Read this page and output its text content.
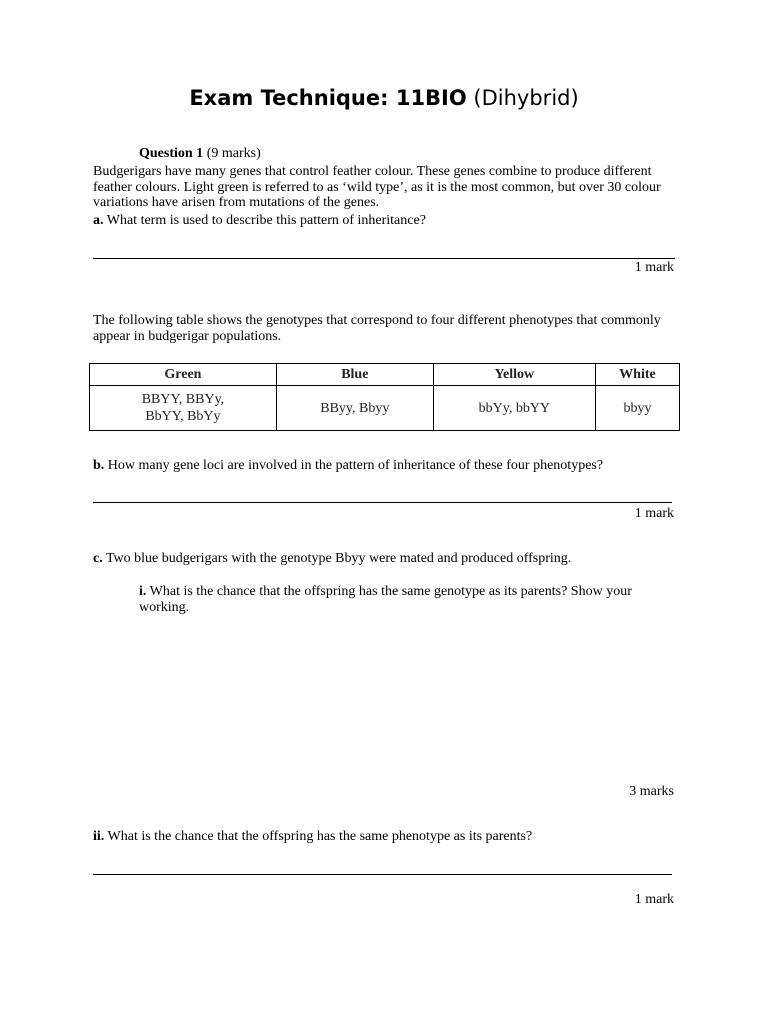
Exam Technique: 11BIO (Dihybrid)
Question 1 (9 marks)
Budgerigars have many genes that control feather colour. These genes combine to produce different
feather colours. Light green is referred to as ‘wild type’, as it is the most common, but over 30 colour
variations have arisen from mutations of the genes.
a. What term is used to describe this pattern of inheritance?
1 mark
The following table shows the genotypes that correspond to four different phenotypes that commonly
appear in budgerigar populations.
Green	Blue	Yellow	White

BBYY, BBYy,
BbYY, BbYy	BByy, Bbyy	bbYy, bbYY	bbyy
b. How many gene loci are involved in the pattern of inheritance of these four phenotypes?
1 mark
c. Two blue budgerigars with the genotype Bbyy were mated and produced offspring.
i. What is the chance that the offspring has the same genotype as its parents? Show your
working.
3 marks
ii. What is the chance that the offspring has the same phenotype as its parents?
1 mark
